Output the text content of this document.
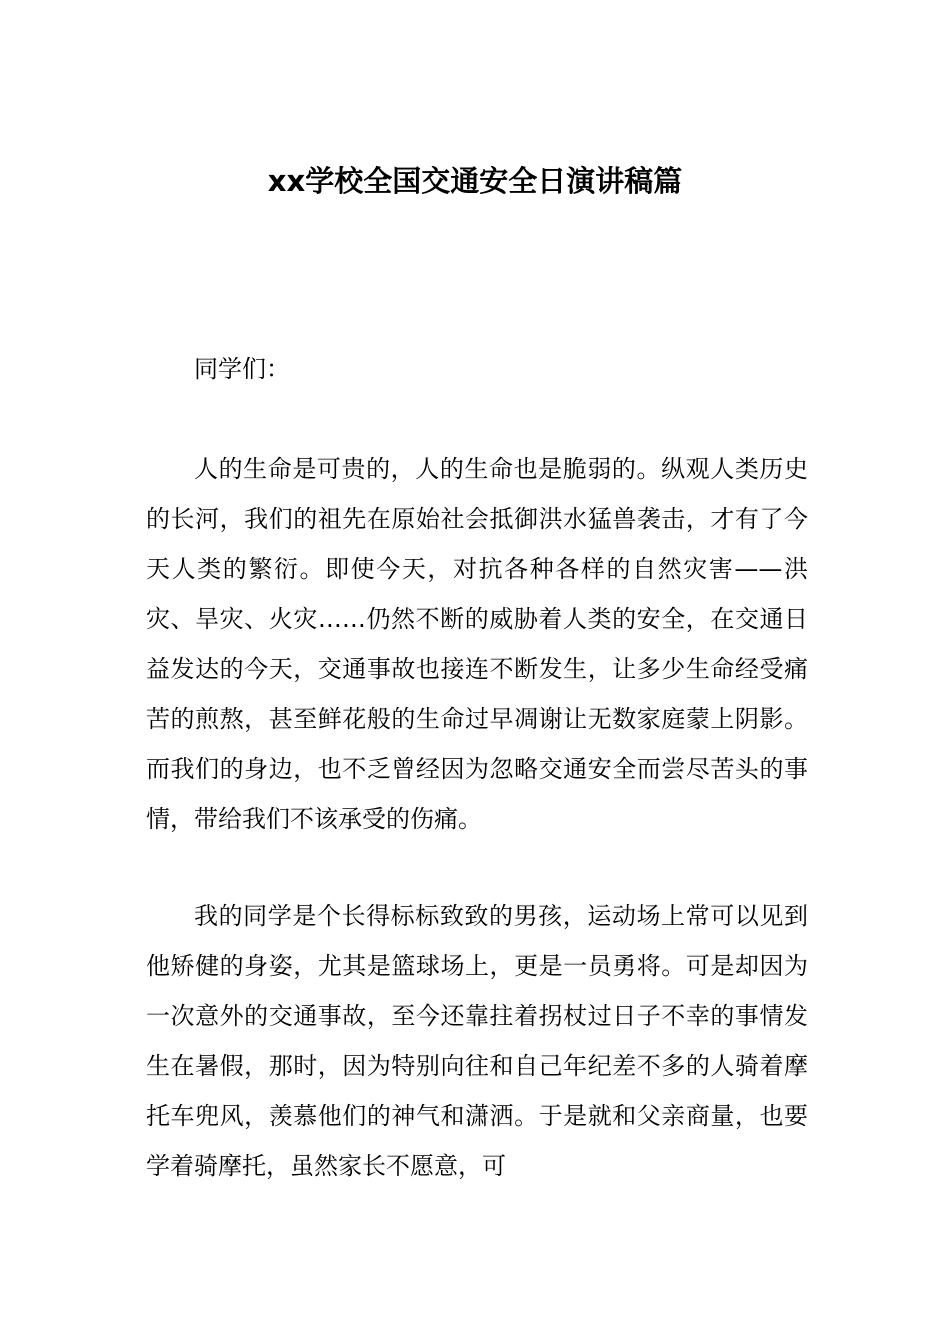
xx学校全国交通安全日演讲稿篇

同学们：

人的生命是可贵的，人的生命也是脆弱的。纵观人类历史的长河，我们的祖先在原始社会抵御洪水猛兽袭击，才有了今天人类的繁衍。即使今天，对抗各种各样的自然灾害——洪灾、旱灾、火灾……仍然不断的威胁着人类的安全，在交通日益发达的今天，交通事故也接连不断发生，让多少生命经受痛苦的煎熬，甚至鲜花般的生命过早凋谢让无数家庭蒙上阴影。而我们的身边，也不乏曾经因为忽略交通安全而尝尽苦头的事情，带给我们不该承受的伤痛。

我的同学是个长得标标致致的男孩，运动场上常可以见到他矫健的身姿，尤其是篮球场上，更是一员勇将。可是却因为一次意外的交通事故，至今还靠拄着拐杖过日子不幸的事情发生在暑假，那时，因为特别向往和自己年纪差不多的人骑着摩托车兜风，羡慕他们的神气和潇洒。于是就和父亲商量，也要学着骑摩托，虽然家长不愿意，可
